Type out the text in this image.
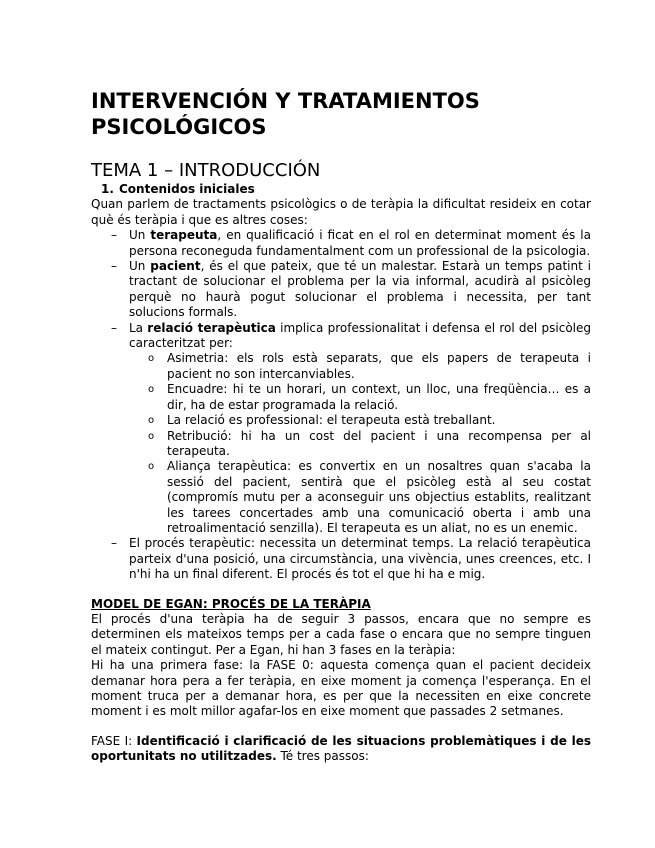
INTERVENCIÓN Y TRATAMIENTOS PSICOLÓGICOS
TEMA 1 – INTRODUCCIÓN
1. Contenidos iniciales

Quan parlem de tractaments psicològics o de teràpia la dificultat resideix en cotar què és teràpia i que es altres coses:

– Un terapeuta, en qualificació i ficat en el rol en determinat moment és la persona reconeguda fundamentalment com un professional de la psicologia.
– Un pacient, és el que pateix, que té un malestar. Estarà un temps patint i tractant de solucionar el problema per la via informal, acudirà al psicòleg perquè no haurà pogut solucionar el problema i necessita, per tant solucions formals.
– La relació terapèutica implica professionalitat i defensa el rol del psicòleg caracteritzat per:
o Asimetria: els rols està separats, que els papers de terapeuta i pacient no son intercanviables.
o Encuadre: hi te un horari, un context, un lloc, una freqüència… es a dir, ha de estar programada la relació.
o La relació es professional: el terapeuta està treballant.
o Retribució: hi ha un cost del pacient i una recompensa per al terapeuta.
o Aliança terapèutica: es convertix en un nosaltres quan s'acaba la sessió del pacient, sentirà que el psicòleg està al seu costat (compromís mutu per a aconseguir uns objectius establits, realitzant les tarees concertades amb una comunicació oberta i amb una retroalimentació senzilla). El terapeuta es un aliat, no es un enemic.
– El procés terapèutic: necessita un determinat temps. La relació terapèutica parteix d'una posició, una circumstància, una vivència, unes creences, etc. I n'hi ha un final diferent. El procés és tot el que hi ha e mig.
MODEL DE EGAN: PROCÉS DE LA TERÀPIA

El procés d'una teràpia ha de seguir 3 passos, encara que no sempre es determinen els mateixos temps per a cada fase o encara que no sempre tinguen el mateix contingut. Per a Egan, hi han 3 fases en la teràpia:

Hi ha una primera fase: la FASE 0: aquesta comença quan el pacient decideix demanar hora pera a fer teràpia, en eixe moment ja comença l'esperança. En el moment truca per a demanar hora, es per que la necessiten en eixe concrete moment i es molt millor agafar-los en eixe moment que passades 2 setmanes.

FASE I: Identificació i clarificació de les situacions problemàtiques i de les oportunitats no utilitzades. Té tres passos:
